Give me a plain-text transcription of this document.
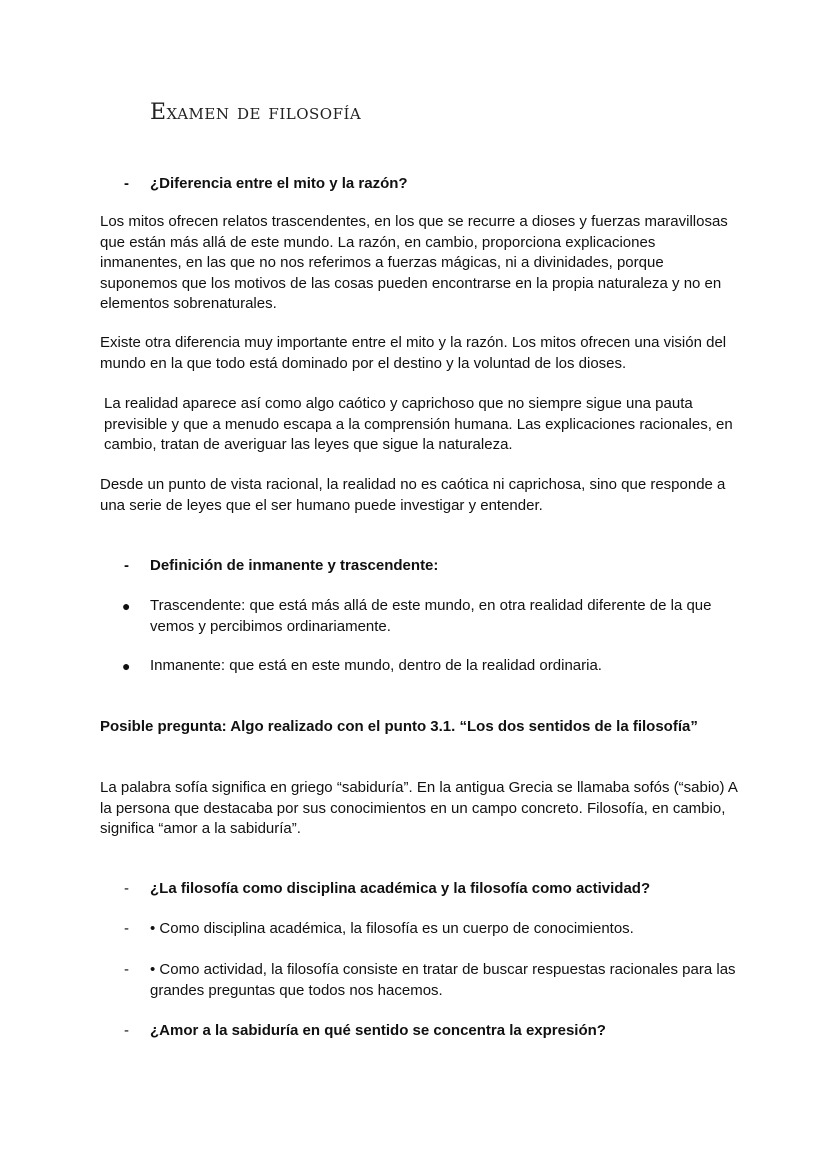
Examen de filosofía
-	¿Diferencia entre el mito y la razón?

Los mitos ofrecen relatos trascendentes, en los que se recurre a dioses y fuerzas maravillosas que están más allá de este mundo. La razón, en cambio, proporciona explicaciones inmanentes, en las que no nos referimos a fuerzas mágicas, ni a divinidades, porque suponemos que los motivos de las cosas pueden encontrarse en la propia naturaleza y no en elementos sobrenaturales.

Existe otra diferencia muy importante entre el mito y la razón. Los mitos ofrecen una visión del mundo en la que todo está dominado por el destino y la voluntad de los dioses.

La realidad aparece así como algo caótico y caprichoso que no siempre sigue una pauta previsible y que a menudo escapa a la comprensión humana. Las explicaciones racionales, en cambio, tratan de averiguar las leyes que sigue la naturaleza.

Desde un punto de vista racional, la realidad no es caótica ni caprichosa, sino que responde a una serie de leyes que el ser humano puede investigar y entender.

-	Definición de inmanente y trascendente:
● Trascendente: que está más allá de este mundo, en otra realidad diferente de la que vemos y percibimos ordinariamente.
● Inmanente: que está en este mundo, dentro de la realidad ordinaria.

Posible pregunta: Algo realizado con el punto 3.1. “Los dos sentidos de la filosofía”

La palabra sofía significa en griego “sabiduría”. En la antigua Grecia se llamaba sofós (“sabio) A la persona que destacaba por sus conocimientos en un campo concreto. Filosofía, en cambio, significa “amor a la sabiduría”.

-	¿La filosofía como disciplina académica y la filosofía como actividad?
-	• Como disciplina académica, la filosofía es un cuerpo de conocimientos.
-	• Como actividad, la filosofía consiste en tratar de buscar respuestas racionales para las grandes preguntas que todos nos hacemos.
-	¿Amor a la sabiduría en qué sentido se concentra la expresión?
